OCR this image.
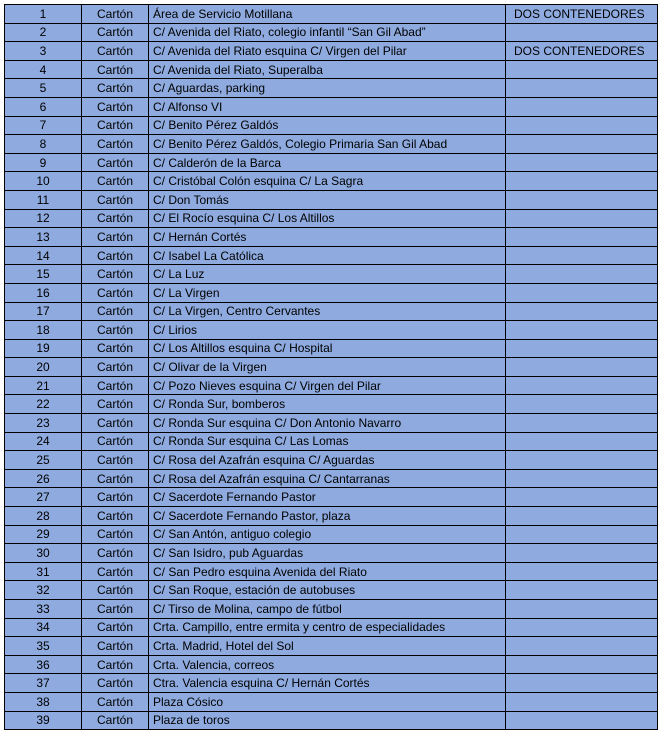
1	Cartón	Área de Servicio Motillana	DOS CONTENEDORES
2	Cartón	C/ Avenida del Riato, colegio infantil “San Gil Abad”	
3	Cartón	C/ Avenida del Riato esquina C/ Virgen del Pilar	DOS CONTENEDORES
4	Cartón	C/ Avenida del Riato, Superalba	
5	Cartón	C/ Aguardas, parking	
6	Cartón	C/ Alfonso VI	
7	Cartón	C/ Benito Pérez Galdós	
8	Cartón	C/ Benito Pérez Galdós, Colegio Primaria San Gil Abad	
9	Cartón	C/ Calderón de la Barca	
10	Cartón	C/ Cristóbal Colón esquina C/ La Sagra	
11	Cartón	C/ Don Tomás	
12	Cartón	C/ El Rocío esquina C/ Los Altillos	
13	Cartón	C/ Hernán Cortés	
14	Cartón	C/ Isabel La Católica	
15	Cartón	C/ La Luz	
16	Cartón	C/ La Virgen	
17	Cartón	C/ La Virgen, Centro Cervantes	
18	Cartón	C/ Lirios	
19	Cartón	C/ Los Altillos esquina C/ Hospital	
20	Cartón	C/ Olivar de la Virgen	
21	Cartón	C/ Pozo Nieves esquina C/ Virgen del Pilar	
22	Cartón	C/ Ronda Sur, bomberos	
23	Cartón	C/ Ronda Sur esquina C/ Don Antonio Navarro	
24	Cartón	C/ Ronda Sur esquina C/ Las Lomas	
25	Cartón	C/ Rosa del Azafrán esquina C/ Aguardas	
26	Cartón	C/ Rosa del Azafrán esquina C/ Cantarranas	
27	Cartón	C/ Sacerdote Fernando Pastor	
28	Cartón	C/ Sacerdote Fernando Pastor, plaza	
29	Cartón	C/ San Antón, antiguo colegio	
30	Cartón	C/ San Isidro, pub Aguardas	
31	Cartón	C/ San Pedro esquina Avenida del Riato	
32	Cartón	C/ San Roque, estación de autobuses	
33	Cartón	C/ Tirso de Molina, campo de fútbol	
34	Cartón	Crta. Campillo, entre ermita y centro de especialidades	
35	Cartón	Crta. Madrid, Hotel del Sol	
36	Cartón	Crta. Valencia, correos	
37	Cartón	Ctra. Valencia esquina C/ Hernán Cortés	
38	Cartón	Plaza Cósico	
39	Cartón	Plaza de toros	
